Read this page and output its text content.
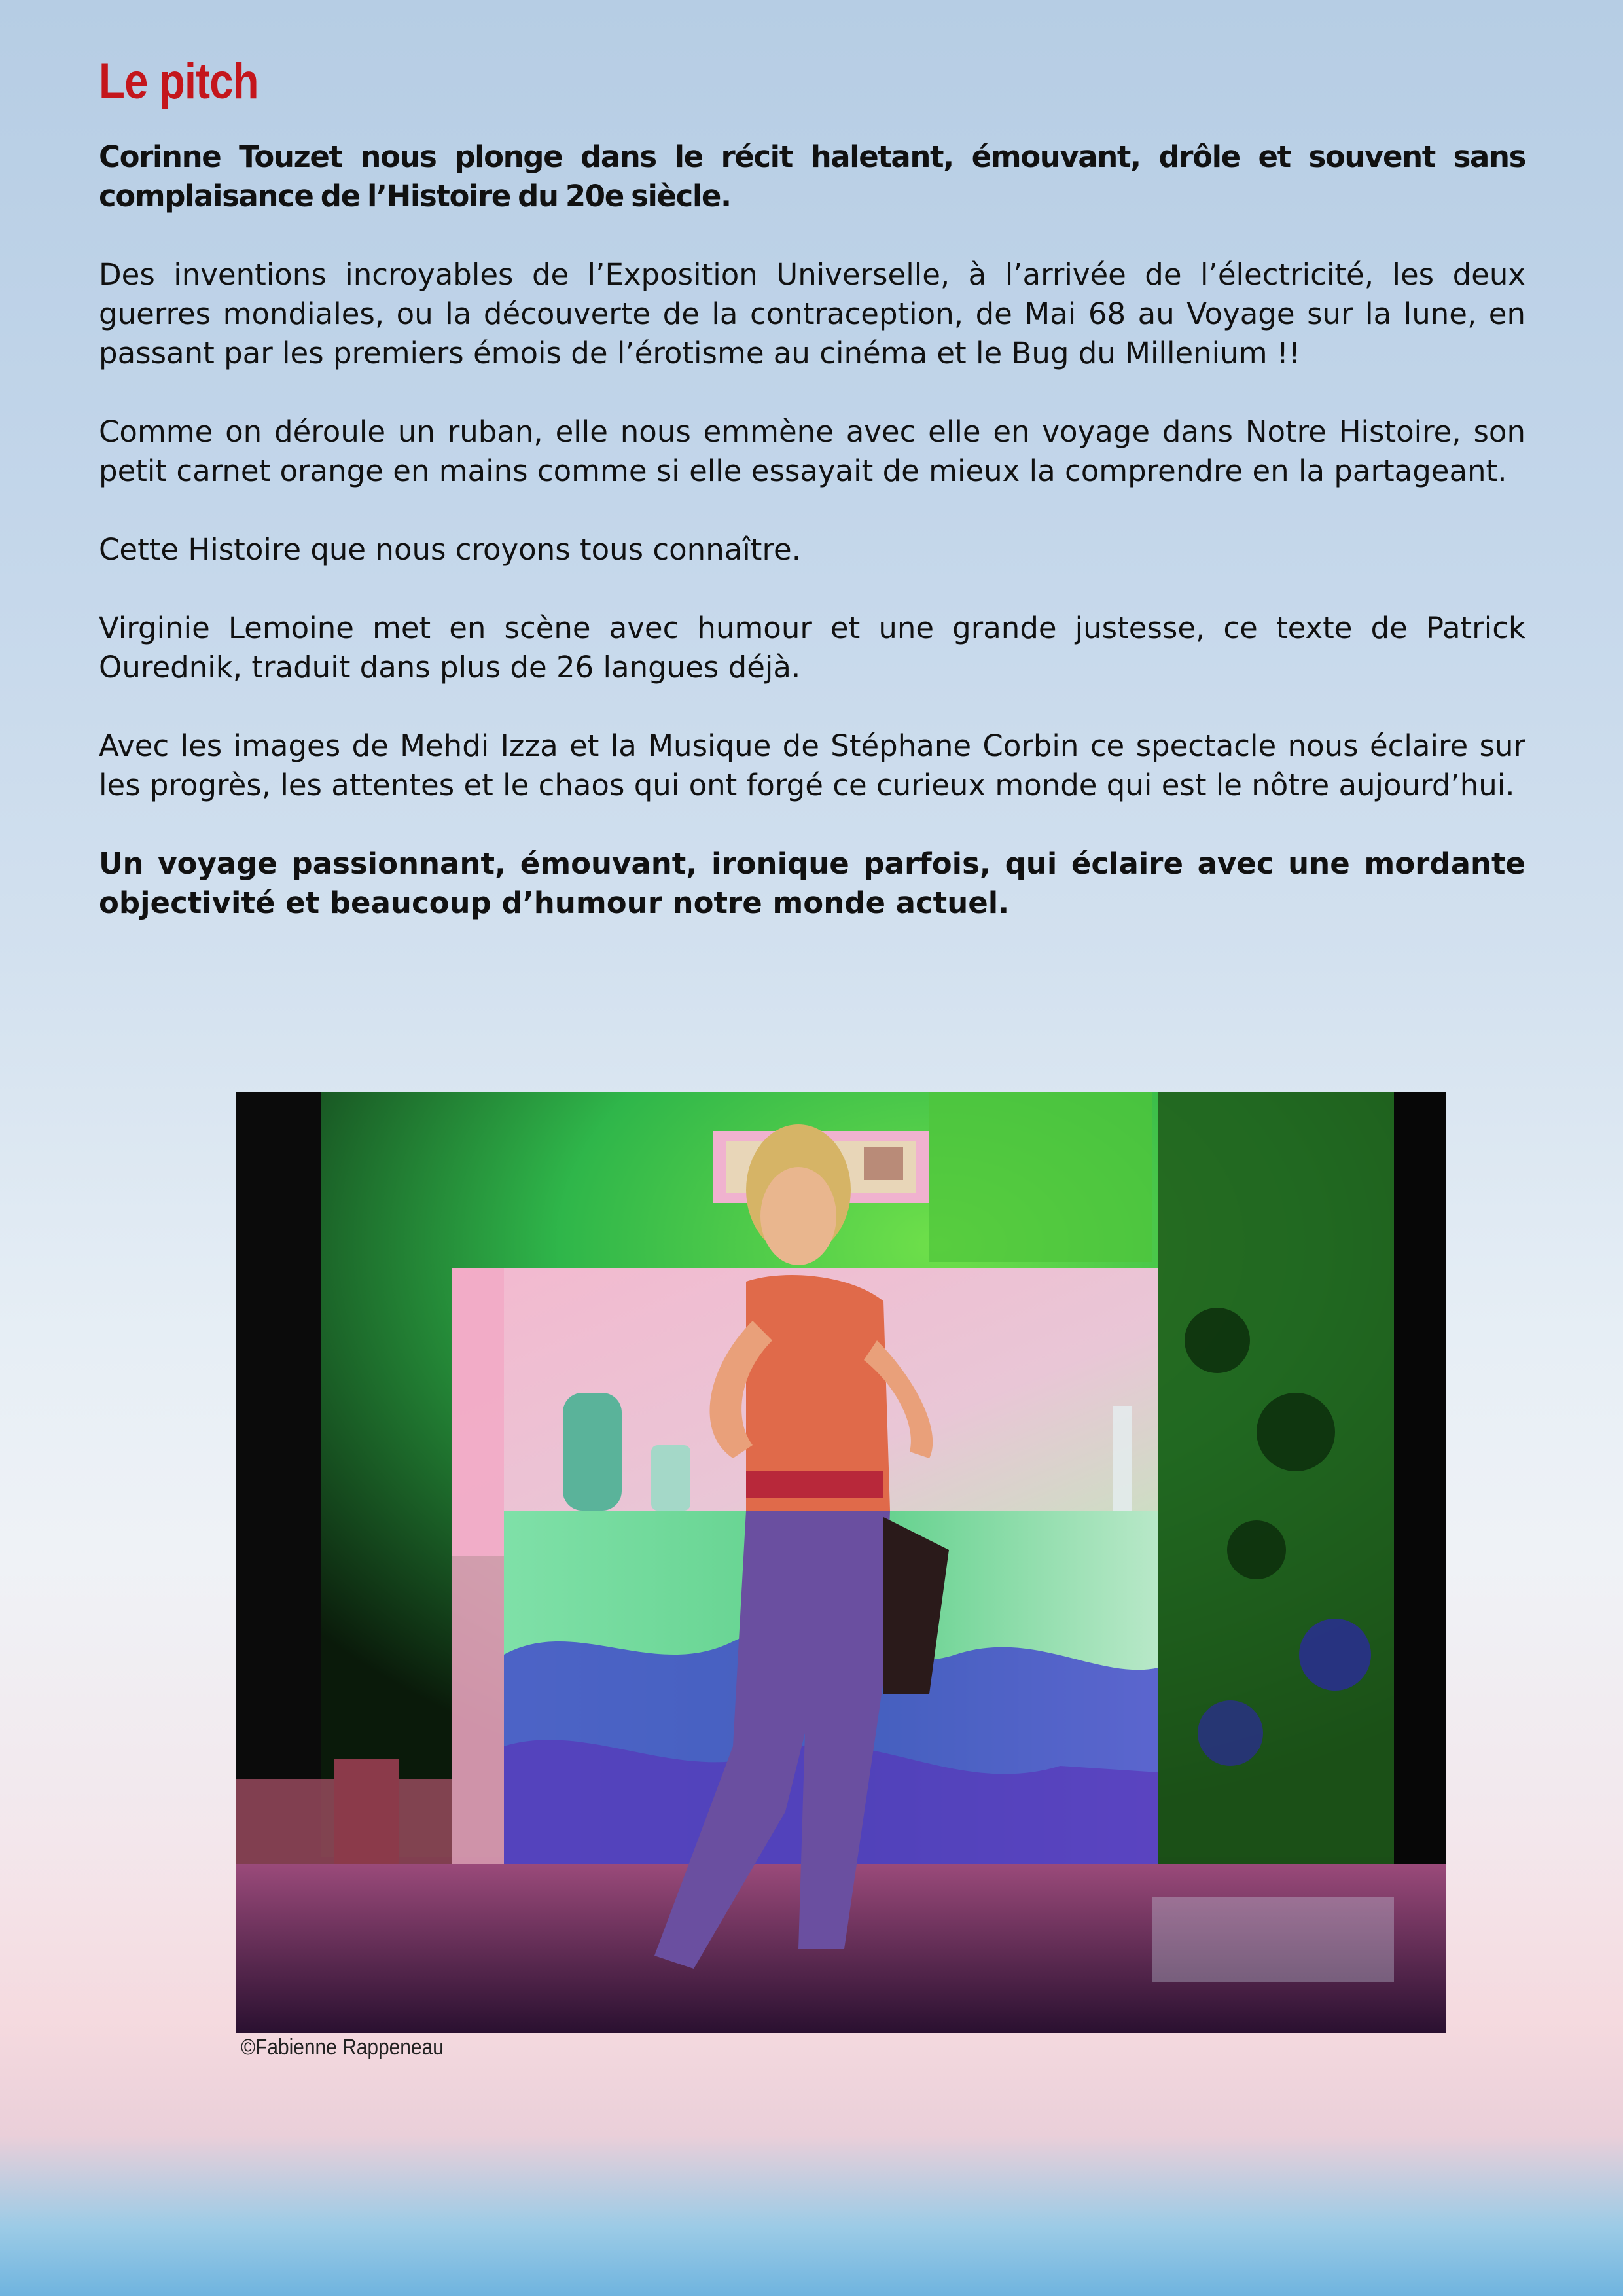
Le pitch

Corinne Touzet nous plonge dans le récit haletant, émouvant, drôle et souvent sans complaisance de l’Histoire du 20e siècle.

Des inventions incroyables de l’Exposition Universelle, à l’arrivée de l’électricité, les deux guerres mondiales, ou la découverte de la contraception, de Mai 68 au Voyage sur la lune, en passant par les premiers émois de l’érotisme au cinéma et le Bug du Millenium !!

Comme on déroule un ruban, elle nous emmène avec elle en voyage dans Notre Histoire, son petit carnet orange en mains comme si elle essayait de mieux la comprendre en la partageant.

Cette Histoire que nous croyons tous connaître.

Virginie Lemoine met en scène avec humour et une grande justesse, ce texte de Patrick Ourednik, traduit dans plus de 26 langues déjà.

Avec les images de Mehdi Izza et la Musique de Stéphane Corbin ce spectacle nous éclaire sur les progrès, les attentes et le chaos qui ont forgé ce curieux monde qui est le nôtre aujourd’hui.

Un voyage passionnant, émouvant, ironique parfois, qui éclaire avec une mordante objectivité et beaucoup d’humour notre monde actuel.

©Fabienne Rappeneau
